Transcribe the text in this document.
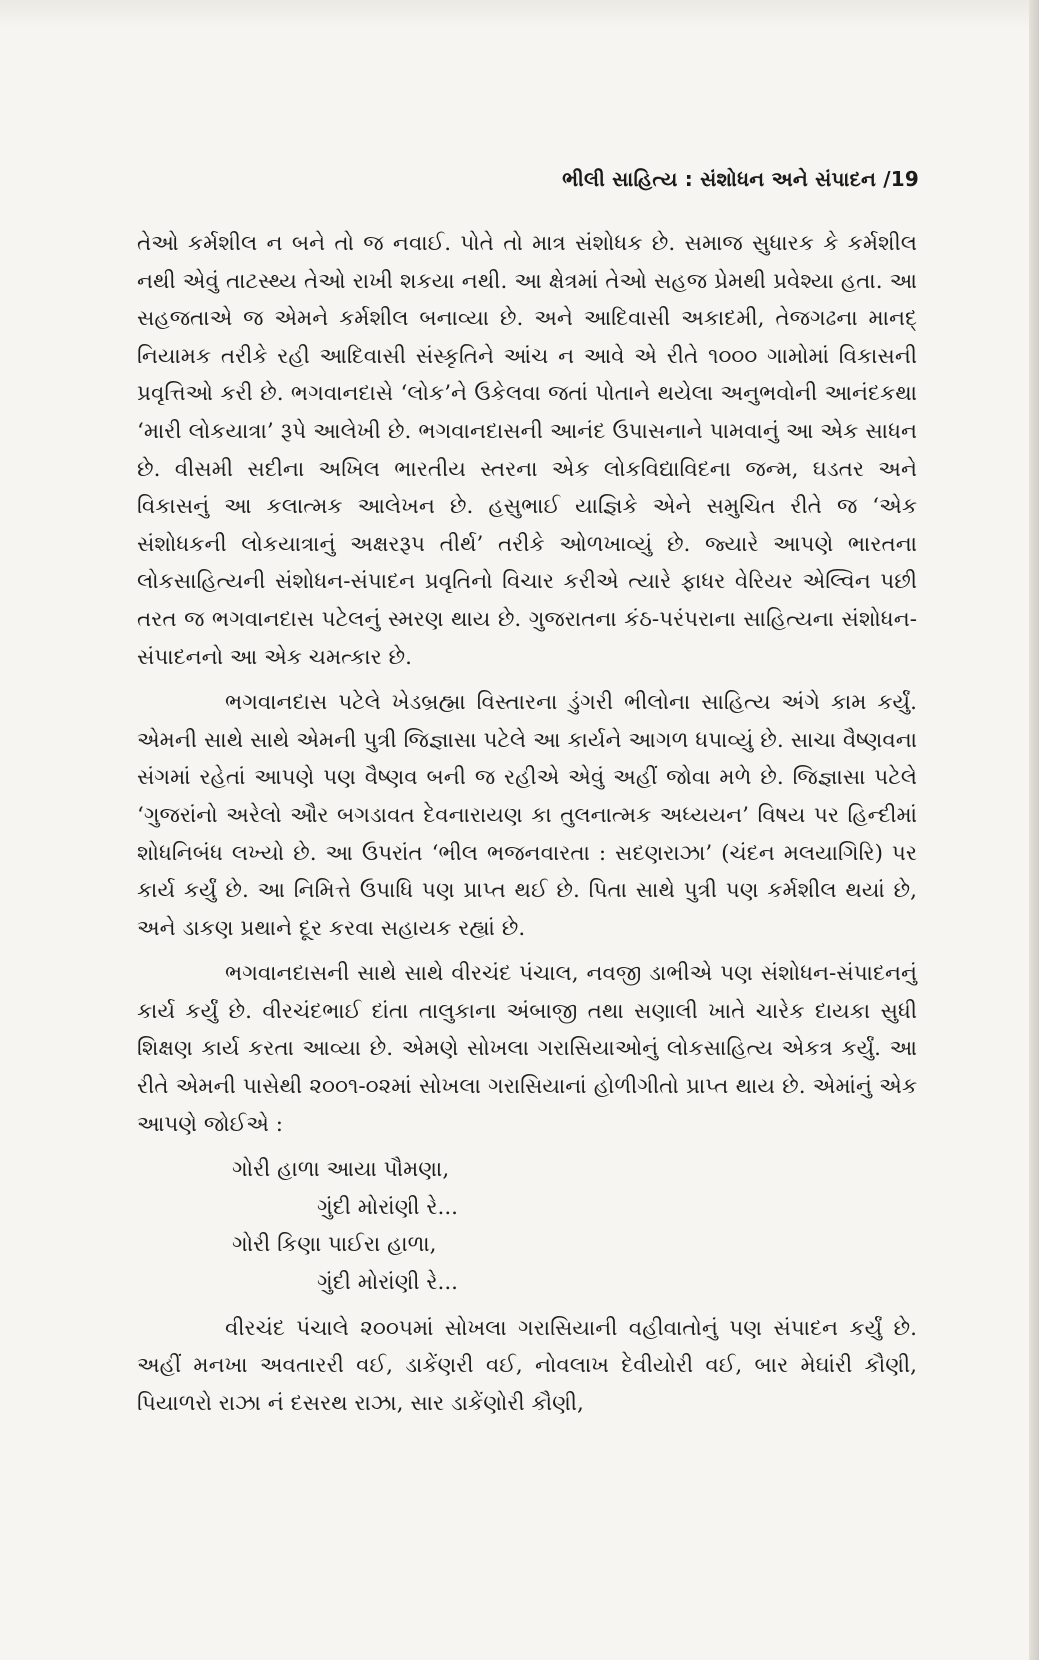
ભીલી સાહિત્ય : સંશોધન અને સંપાદન /19

તેઓ કર્મશીલ ન બને તો જ નવાઈ. પોતે તો માત્ર સંશોધક છે. સમાજ સુધારક કે કર્મશીલ નથી એવું તાટસ્થ્ય તેઓ રાખી શકયા નથી. આ ક્ષેત્રમાં તેઓ સહજ પ્રેમથી પ્રવેશ્યા હતા. આ સહજતાએ જ એમને કર્મશીલ બનાવ્યા છે. અને આદિવાસી અકાદમી, તેજગઢના માનદ્ નિયામક તરીકે રહી આદિવાસી સંસ્કૃતિને આંચ ન આવે એ રીતે ૧૦૦૦ ગામોમાં વિકાસની પ્રવૃત્તિઓ કરી છે. ભગવાનદાસે ‘લોક’ને ઉકેલવા જતાં પોતાને થયેલા અનુભવોની આનંદકથા ‘મારી લોકયાત્રા’ રૂપે આલેખી છે. ભગવાનદાસની આનંદ ઉપાસનાને પામવાનું આ એક સાધન છે. વીસમી સદીના અખિલ ભારતીય સ્તરના એક લોકવિદ્યાવિદના જન્મ, ઘડતર અને વિકાસનું આ કલાત્મક આલેખન છે. હસુભાઈ યાજ્ઞિકે એને સમુચિત રીતે જ ‘એક સંશોધકની લોકયાત્રાનું અક્ષરરૂપ તીર્થ’ તરીકે ઓળખાવ્યું છે. જ્યારે આપણે ભારતના લોકસાહિત્યની સંશોધન-સંપાદન પ્રવૃતિનો વિચાર કરીએ ત્યારે ફાધર વેરિયર એલ્વિન પછી તરત જ ભગવાનદાસ પટેલનું સ્મરણ થાય છે. ગુજરાતના કંઠ-પરંપરાના સાહિત્યના સંશોધન-સંપાદનનો આ એક ચમત્કાર છે.

ભગવાનદાસ પટેલે ખેડબ્રહ્મા વિસ્તારના ડુંગરી ભીલોના સાહિત્ય અંગે કામ કર્યું. એમની સાથે સાથે એમની પુત્રી જિજ્ઞાસા પટેલે આ કાર્યને આગળ ધપાવ્યું છે. સાચા વૈષ્ણવના સંગમાં રહેતાં આપણે પણ વૈષ્ણવ બની જ રહીએ એવું અહીં જોવા મળે છે. જિજ્ઞાસા પટેલે ‘ગુજરાંનો અરેલો ઔર બગડાવત દેવનારાયણ કા તુલનાત્મક અધ્યયન’ વિષય પર હિન્દીમાં શોધનિબંધ લખ્યો છે. આ ઉપરાંત ‘ભીલ ભજનવારતા : સદણરાઝા’ (ચંદન મલયાગિરિ) પર કાર્ય કર્યું છે. આ નિમિત્તે ઉપાધિ પણ પ્રાપ્ત થઈ છે. પિતા સાથે પુત્રી પણ કર્મશીલ થયાં છે, અને ડાકણ પ્રથાને દૂર કરવા સહાયક રહ્યાં છે.

ભગવાનદાસની સાથે સાથે વીરચંદ પંચાલ, નવજી ડાભીએ પણ સંશોધન-સંપાદનનું કાર્ય કર્યું છે. વીરચંદભાઈ દાંતા તાલુકાના અંબાજી તથા સણાલી ખાતે ચારેક દાયકા સુધી શિક્ષણ કાર્ય કરતા આવ્યા છે. એમણે સોખલા ગરાસિયાઓનું લોકસાહિત્ય એકત્ર કર્યું. આ રીતે એમની પાસેથી ૨૦૦૧-૦૨માં સોખલા ગરાસિયાનાં હોળીગીતો પ્રાપ્ત થાય છે. એમાંનું એક આપણે જોઈએ :

ગોરી હાળા આયા પૌમણા,
ગુંદી મોરાંણી રે...
ગોરી કિણા પાઈરા હાળા,
ગુંદી મોરાંણી રે...

વીરચંદ પંચાલે ૨૦૦૫માં સોખલા ગરાસિયાની વહીવાતોનું પણ સંપાદન કર્યું છે. અહીં મનખા અવતારરી વઈ, ડાકેંણરી વઈ, નોવલાખ દેવીયોરી વઈ, બાર મેઘાંરી કૌણી, પિયાળરો રાઝા નં દસરથ રાઝા, સાર ડાકેંણોરી કૌણી,
